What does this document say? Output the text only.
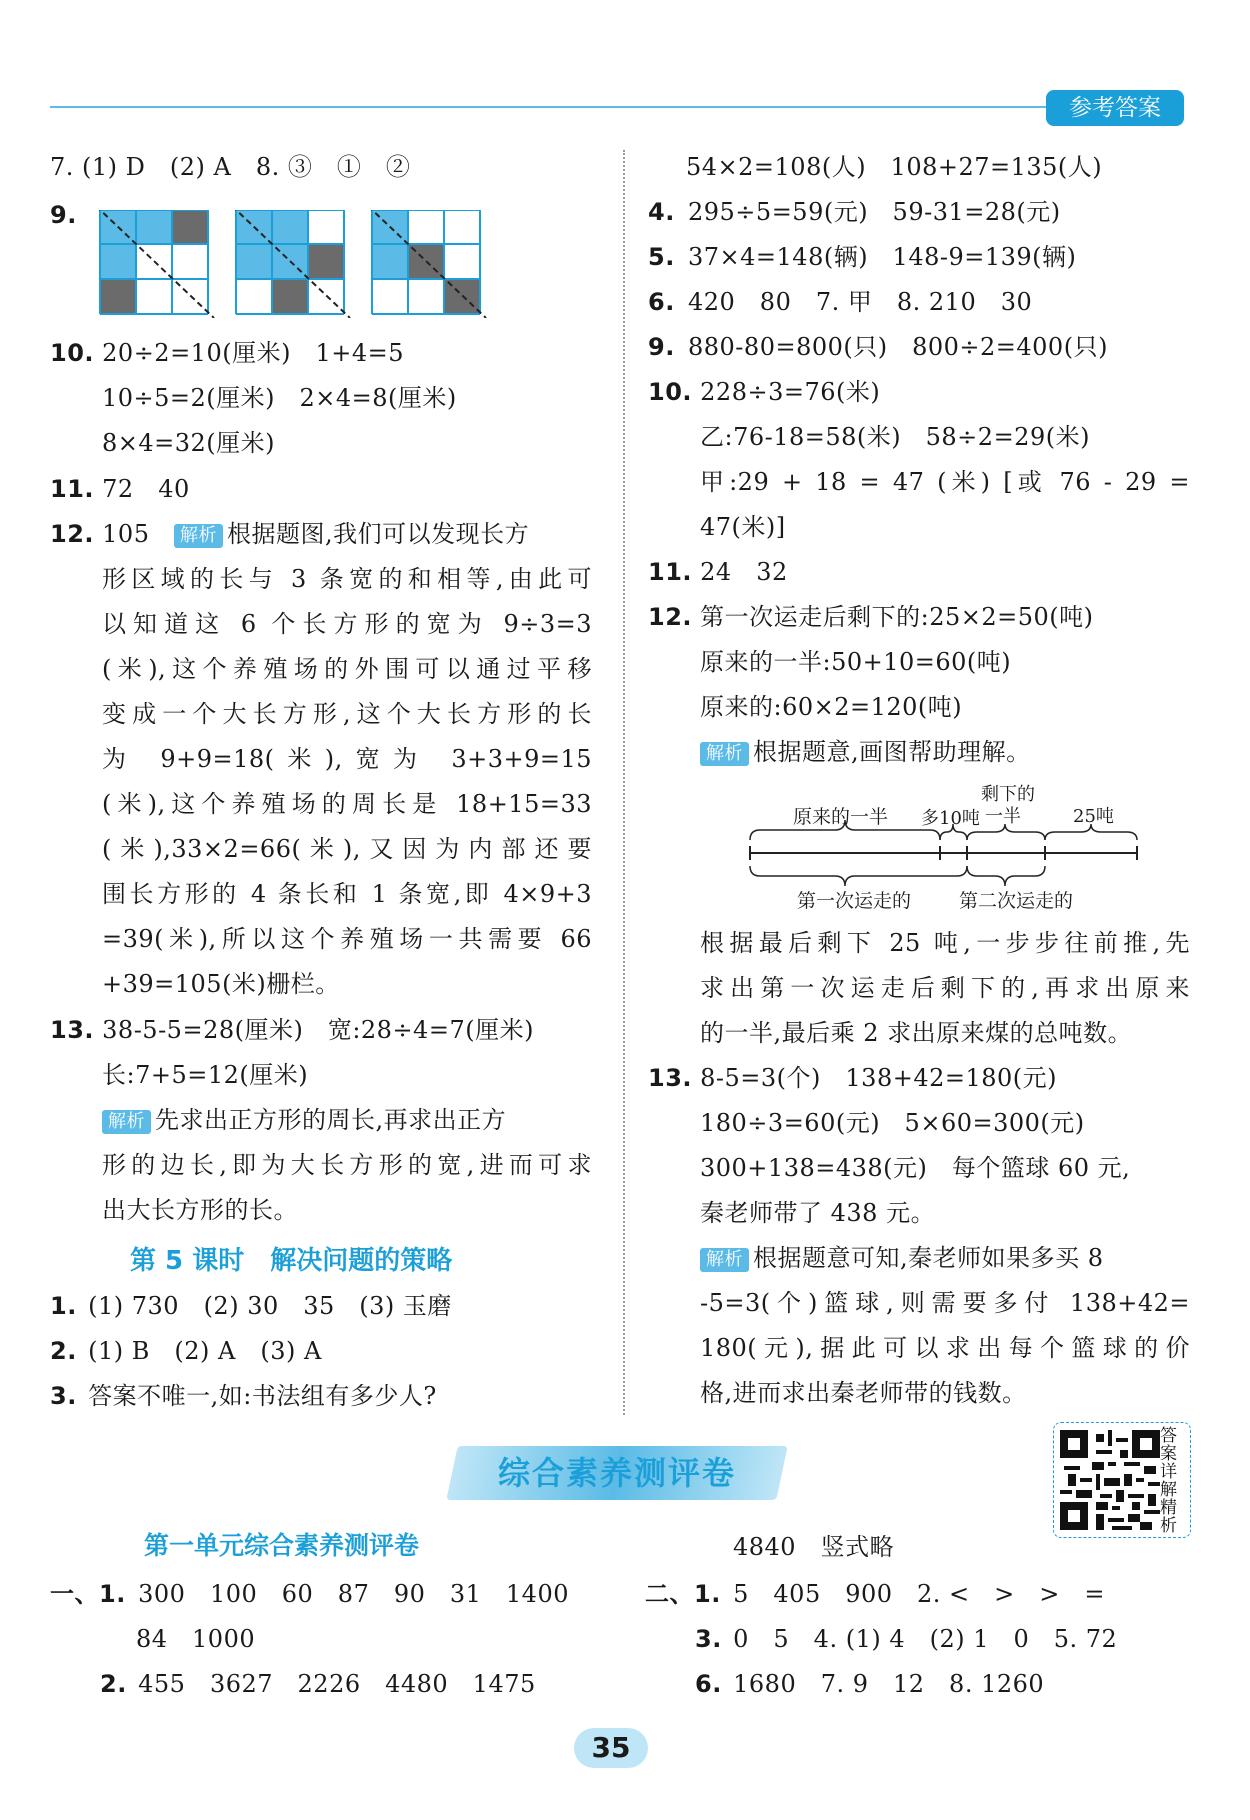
参考答案
7. (1) D　(2) A　8. ③　①　②
9.
10. 20÷2=10(厘米)　1+4=5
10÷5=2(厘米)　2×4=8(厘米)
8×4=32(厘米)
11. 72　40
12. 105　 解析 根据题图,我们可以发现长方
形区域的长与 3 条宽的和相等,由此可
以知道这 6 个长方形的宽为 9÷3=3
(米),这个养殖场的外围可以通过平移
变成一个大长方形,这个大长方形的长
为 9+9=18(米),宽为 3+3+9=15
(米),这个养殖场的周长是 18+15=33
(米),33×2=66(米),又因为内部还要
围长方形的 4 条长和 1 条宽,即 4×9+3
=39(米),所以这个养殖场一共需要 66
+39=105(米)栅栏。
13. 38-5-5=28(厘米)　宽:28÷4=7(厘米)
长:7+5=12(厘米)
解析 先求出正方形的周长,再求出正方
形的边长,即为大长方形的宽,进而可求
出大长方形的长。
第 5 课时　解决问题的策略
1. (1) 730　(2) 30　35　(3) 玉磨
2. (1) B　(2) A　(3) A
3. 答案不唯一,如:书法组有多少人?
54×2=108(人)　108+27=135(人)
4. 295÷5=59(元)　59-31=28(元)
5. 37×4=148(辆)　148-9=139(辆)
6. 420　80　7. 甲　8. 210　30
9. 880-80=800(只)　800÷2=400(只)
10. 228÷3=76(米)
乙:76-18=58(米)　58÷2=29(米)
甲:29 + 18 = 47 (米) [或 76 - 29 =
47(米)]
11. 24　32
12. 第一次运走后剩下的:25×2=50(吨)
原来的一半:50+10=60(吨)
原来的:60×2=120(吨)
解析 根据题意,画图帮助理解。
原来的一半 多10吨
剩下的
一半	25吨
第一次运走的	第二次运走的
根据最后剩下 25 吨,一步步往前推,先
求出第一次运走后剩下的,再求出原来
的一半,最后乘 2 求出原来煤的总吨数。
13. 8-5=3(个)　138+42=180(元)
180÷3=60(元)　5×60=300(元)
300+138=438(元)　每个篮球 60 元,
秦老师带了 438 元。
解析 根据题意可知,秦老师如果多买 8
-5=3(个)篮球,则需要多付 138+42=
180(元),据此可以求出每个篮球的价
格,进而求出秦老师带的钱数。
综合素养测评卷
答案详解精析
第一单元综合素养测评卷
一、1. 300　100　60　87　90　31　1400
84　1000
2. 455　3627　2226　4480　1475
4840　竖式略
二、1. 5　405　900　2. <　>　>　=
3. 0　5　4. (1) 4　(2) 1　0　5. 72
6. 1680　7. 9　12　8. 1260
35
